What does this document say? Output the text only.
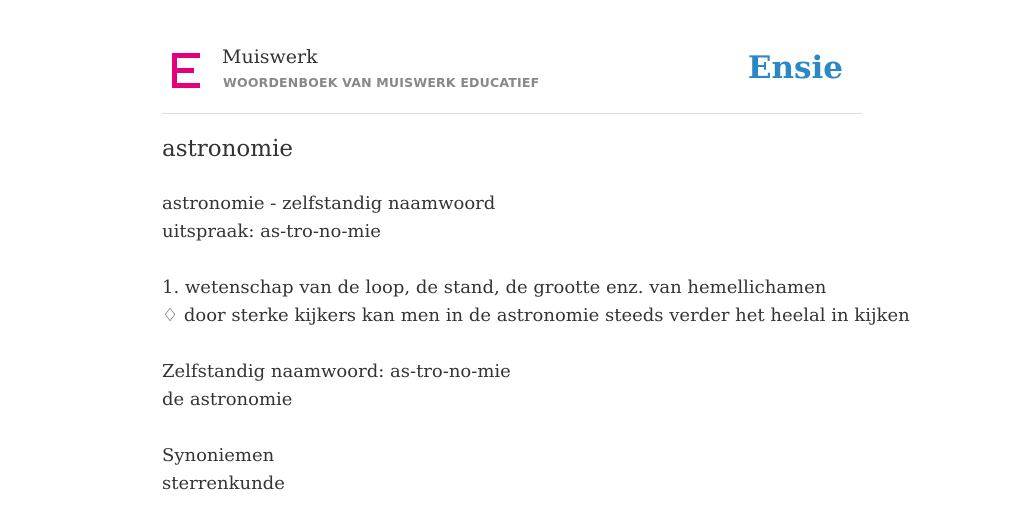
Muiswerk
WOORDENBOEK VAN MUISWERK EDUCATIEF	Ensie
astronomie
astronomie - zelfstandig naamwoord
uitspraak: as-tro-no-mie
1. wetenschap van de loop, de stand, de grootte enz. van hemellichamen
♢ door sterke kijkers kan men in de astronomie steeds verder het heelal in kijken
Zelfstandig naamwoord: as-tro-no-mie
de astronomie
Synoniemen
sterrenkunde
